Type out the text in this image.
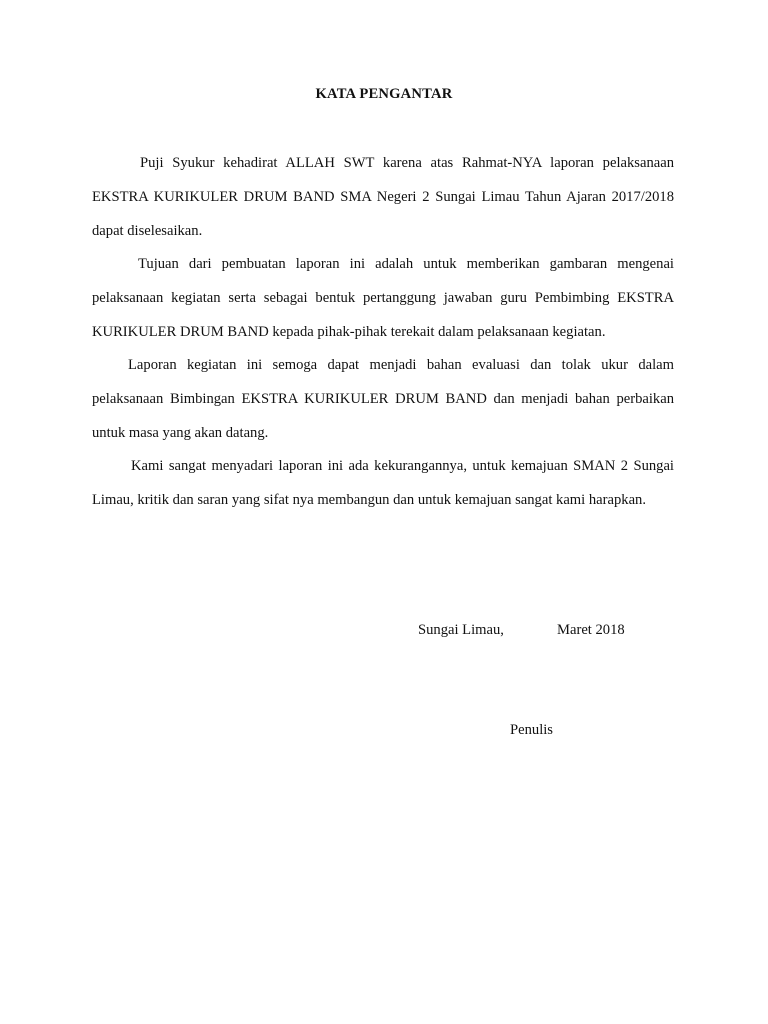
KATA PENGANTAR
Puji Syukur kehadirat ALLAH SWT karena atas Rahmat-NYA laporan pelaksanaan EKSTRA KURIKULER DRUM BAND SMA Negeri 2 Sungai Limau Tahun Ajaran 2017/2018 dapat diselesaikan.
Tujuan dari pembuatan laporan ini adalah untuk memberikan gambaran mengenai pelaksanaan kegiatan serta sebagai bentuk pertanggung jawaban guru Pembimbing EKSTRA KURIKULER DRUM BAND kepada pihak-pihak terekait dalam pelaksanaan kegiatan.
Laporan kegiatan ini semoga dapat menjadi bahan evaluasi dan tolak ukur dalam pelaksanaan Bimbingan EKSTRA KURIKULER DRUM BAND dan menjadi bahan perbaikan untuk masa yang akan datang.
Kami sangat menyadari laporan ini ada kekurangannya, untuk kemajuan SMAN 2 Sungai Limau, kritik dan saran yang sifat nya membangun dan untuk kemajuan sangat kami harapkan.
Sungai Limau,	Maret 2018
Penulis
